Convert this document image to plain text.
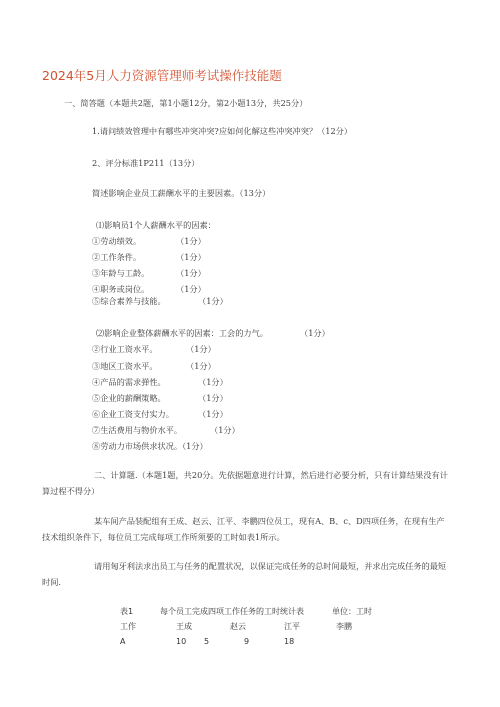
2024年5月人力资源管理师考试操作技能题
一、简答题（本题共2题，第1小题12分，第2小题13分，共25分）
1.请问绩效管理中有哪些冲突冲突?应如何化解这些冲突冲突？（12分）
2、评分标准1P211（13分）
简述影响企业员工薪酬水平的主要因素。（13分）
⑴影响员1个人薪酬水平的因素：
①劳动绩效。	（1分）
②工作条件。	（1分）
③年龄与工龄。	（1分）
④职务或岗位。	（1分）
⑤综合素养与技能。	（1分）
⑵影响企业整体薪酬水平的因素：工会的力气。	（1分）
②行业工资水平。	（1分）
③地区工资水平。	（1分）
④产品的需求弹性。	（1分）
⑤企业的薪酬策略。	（1分）
⑥企业工资支付实力。	（1分）
⑦生活费用与物价水平。	（1分）
⑧劳动力市场供求状况。（1分）
二、计算题.（本题1题，共20分。先依据题意进行计算，然后进行必要分析，只有计算结果没有计算过程不得分）
某车间产品装配组有王成、赵云、江平、李鹏四位员工，现有A、B、c、D四项任务，在现有生产技术组织条件下，每位员工完成每项工作所须要的工时如表1所示。
请用匈牙利法求出员工与任务的配置状况，以保证完成任务的总时间最短，并求出完成任务的最短时间.
表1	每个员工完成四项工作任务的工时统计表	单位：工时
工作	王成	赵云	江平	李鹏
A	10 5	9	18
